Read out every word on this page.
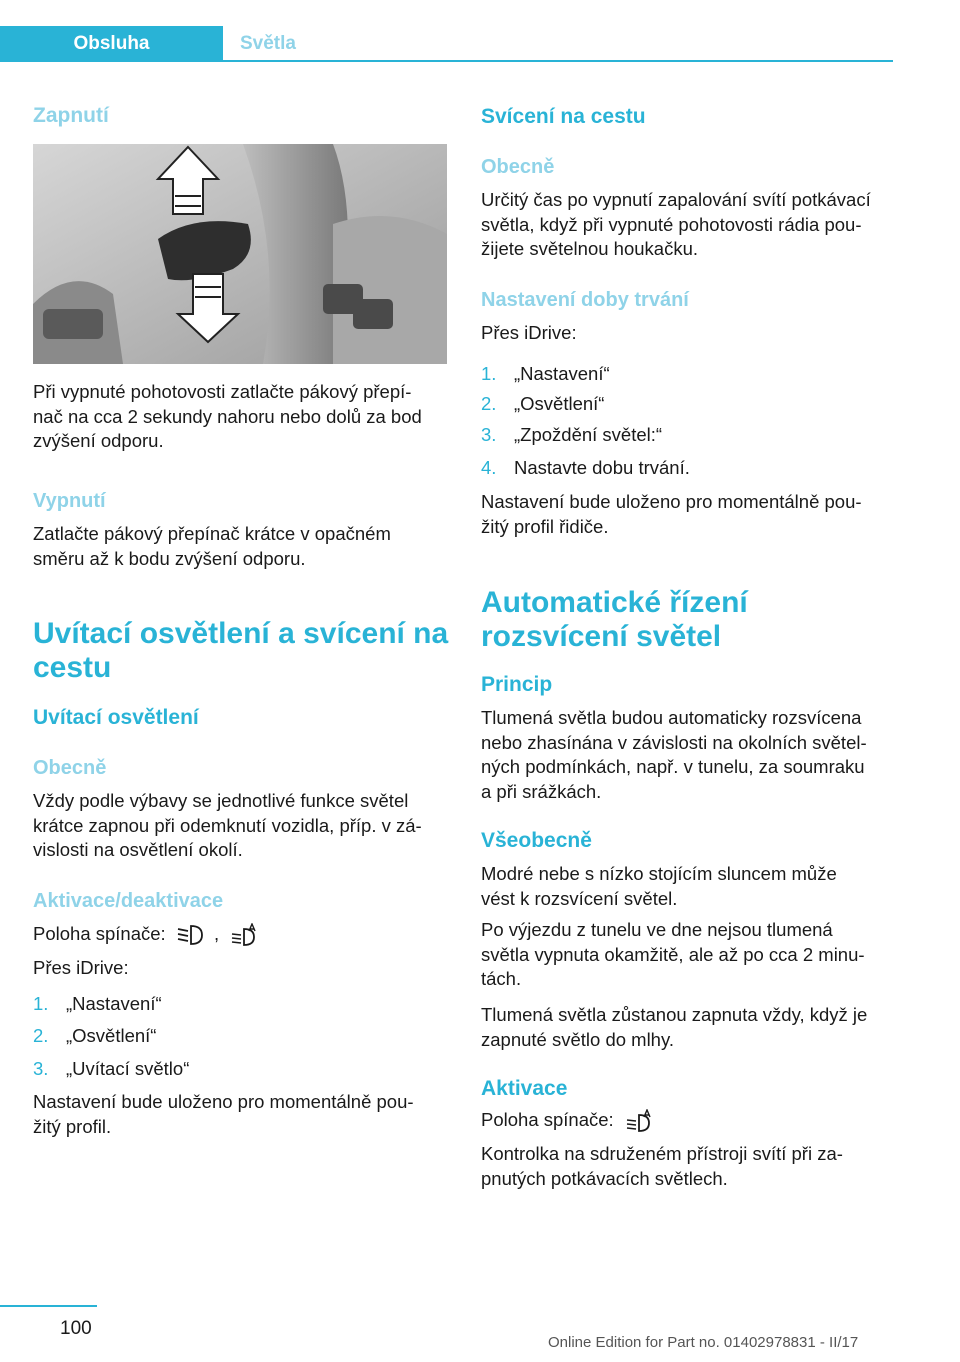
Obsluha	Světla
Zapnutí
Při vypnuté pohotovosti zatlačte pákový přepí-
nač na cca 2 sekundy nahoru nebo dolů za bod
zvýšení odporu.
Vypnutí
Zatlačte pákový přepínač krátce v opačném
směru až k bodu zvýšení odporu.
Uvítací osvětlení a svícení na
cestu
Uvítací osvětlení
Obecně
Vždy podle výbavy se jednotlivé funkce světel
krátce zapnou při odemknutí vozidla, příp. v zá-
vislosti na osvětlení okolí.
Aktivace/deaktivace
Poloha spínače:	,
Přes iDrive:
1. „Nastavení“
2. „Osvětlení“
3. „Uvítací světlo“
Nastavení bude uloženo pro momentálně pou-
žitý profil.
Svícení na cestu
Obecně
Určitý čas po vypnutí zapalování svítí potkávací
světla, když při vypnuté pohotovosti rádia pou-
žijete světelnou houkačku.
Nastavení doby trvání
Přes iDrive:
1. „Nastavení“
2. „Osvětlení“
3. „Zpoždění světel:“
4. Nastavte dobu trvání.
Nastavení bude uloženo pro momentálně pou-
žitý profil řidiče.
Automatické řízení
rozsvícení světel
Princip
Tlumená světla budou automaticky rozsvícena
nebo zhasínána v závislosti na okolních světel-
ných podmínkách, např. v tunelu, za soumraku
a při srážkách.
Všeobecně
Modré nebe s nízko stojícím sluncem může
vést k rozsvícení světel.
Po výjezdu z tunelu ve dne nejsou tlumená
světla vypnuta okamžitě, ale až po cca 2 minu-
tách.
Tlumená světla zůstanou zapnuta vždy, když je
zapnuté světlo do mlhy.
Aktivace
Poloha spínače:
Kontrolka na sdruženém přístroji svítí při za-
pnutých potkávacích světlech.
100
Online Edition for Part no. 01402978831 - II/17
